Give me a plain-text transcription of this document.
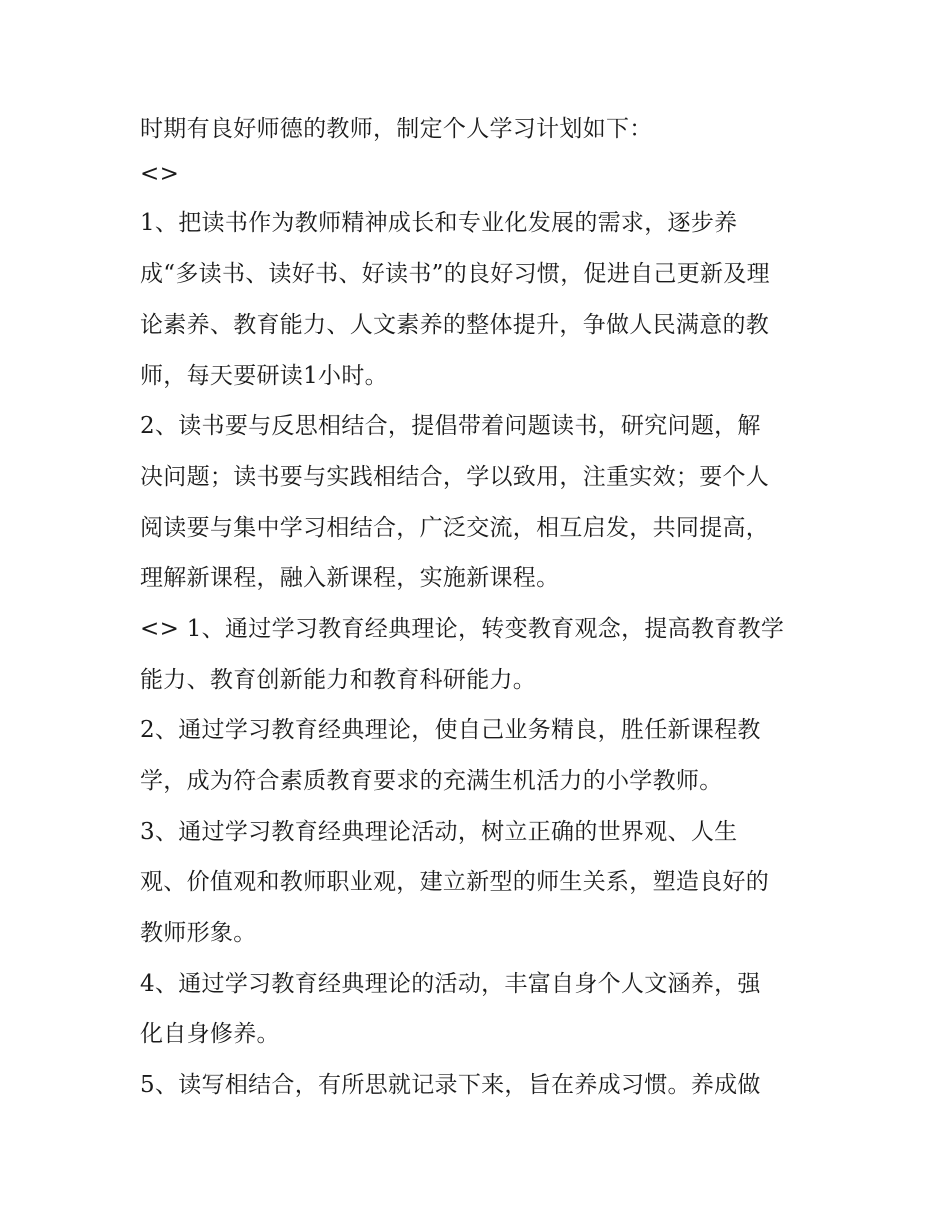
时期有良好师德的教师，制定个人学习计划如下：
<>
1、把读书作为教师精神成长和专业化发展的需求，逐步养
成“多读书、读好书、好读书”的良好习惯，促进自己更新及理
论素养、教育能力、人文素养的整体提升，争做人民满意的教
师，每天要研读1小时。
2、读书要与反思相结合，提倡带着问题读书，研究问题，解
决问题；读书要与实践相结合，学以致用，注重实效；要个人
阅读要与集中学习相结合，广泛交流，相互启发，共同提高，
理解新课程，融入新课程，实施新课程。
<> 1、通过学习教育经典理论，转变教育观念，提高教育教学
能力、教育创新能力和教育科研能力。
2、通过学习教育经典理论，使自己业务精良，胜任新课程教
学，成为符合素质教育要求的充满生机活力的小学教师。
3、通过学习教育经典理论活动，树立正确的世界观、人生
观、价值观和教师职业观，建立新型的师生关系，塑造良好的
教师形象。
4、通过学习教育经典理论的活动，丰富自身个人文涵养，强
化自身修养。
5、读写相结合，有所思就记录下来，旨在养成习惯。养成做
